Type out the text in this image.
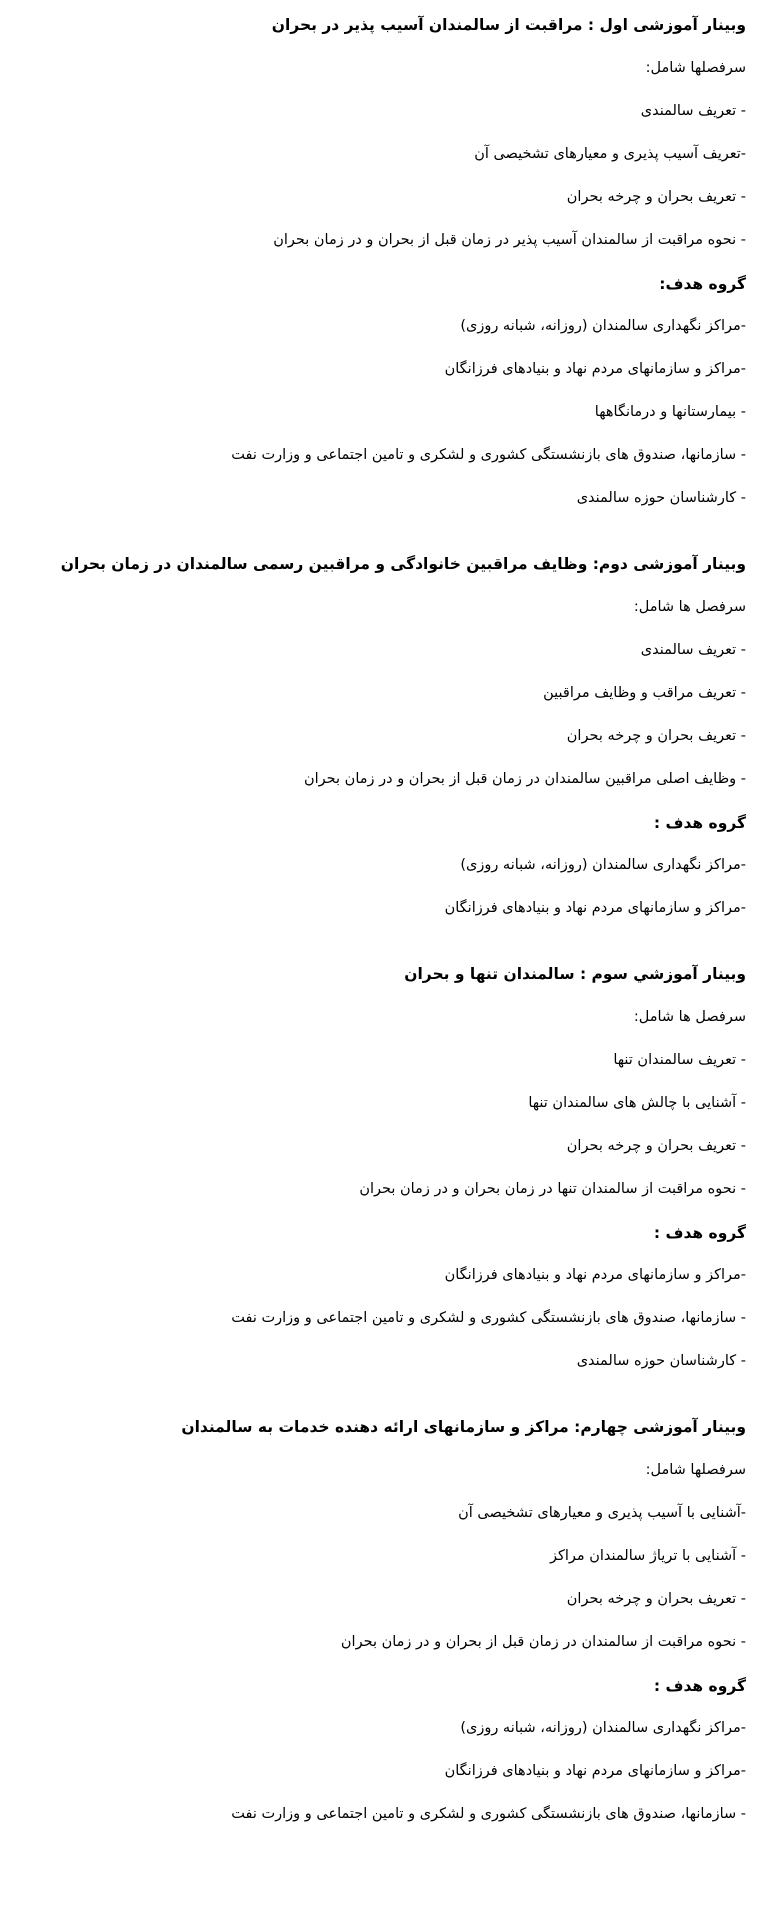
وبینار آموزشی اول : مراقبت از سالمندان آسیب پذیر در بحران

سرفصلها شامل:

- تعریف سالمندی

-تعریف آسیب پذیری و معیارهای تشخیصی آن

- تعریف بحران و چرخه بحران

- نحوه مراقبت از سالمندان آسیب پذیر در زمان قبل از بحران و در زمان بحران

گروه هدف:

-مراکز نگهداری سالمندان (روزانه، شبانه روزی)

-مراکز و سازمانهای مردم نهاد و بنیادهای فرزانگان

- بیمارستانها و درمانگاهها

- سازمانها، صندوق های بازنشستگی کشوری و لشکری و تامین اجتماعی و وزارت نفت

- کارشناسان حوزه سالمندی

وبینار آموزشی دوم: وظایف مراقبین خانوادگی و مراقبین رسمی سالمندان در زمان بحران

سرفصل ها شامل:

- تعریف سالمندی

- تعریف مراقب و وظایف مراقبین

- تعریف بحران و چرخه بحران

- وظایف اصلی مراقبین سالمندان در زمان قبل از بحران و در زمان بحران

گروه هدف :

-مراکز نگهداری سالمندان (روزانه، شبانه روزی)

-مراکز و سازمانهای مردم نهاد و بنیادهای فرزانگان

وبینار آموزشي سوم : سالمندان تنها و بحران

سرفصل ها شامل:

- تعریف سالمندان تنها

- آشنایی با چالش های سالمندان تنها

- تعریف بحران و چرخه بحران

- نحوه مراقبت از سالمندان تنها در زمان بحران و در زمان بحران

گروه هدف :

-مراکز و سازمانهای مردم نهاد و بنیادهای فرزانگان

- سازمانها، صندوق های بازنشستگی کشوری و لشکری و تامین اجتماعی و وزارت نفت

- کارشناسان حوزه سالمندی

وبینار آموزشی چهارم: مراکز و سازمانهای ارائه دهنده خدمات به سالمندان

سرفصلها شامل:

-آشنایی با آسیب پذیری و معیارهای تشخیصی آن

- آشنایی با تریاژ سالمندان مراکز

- تعریف بحران و چرخه بحران

- نحوه مراقبت از سالمندان در زمان قبل از بحران و در زمان بحران

گروه هدف :

-مراکز نگهداری سالمندان (روزانه، شبانه روزی)

-مراکز و سازمانهای مردم نهاد و بنیادهای فرزانگان

- سازمانها، صندوق های بازنشستگی کشوری و لشکری و تامین اجتماعی و وزارت نفت
